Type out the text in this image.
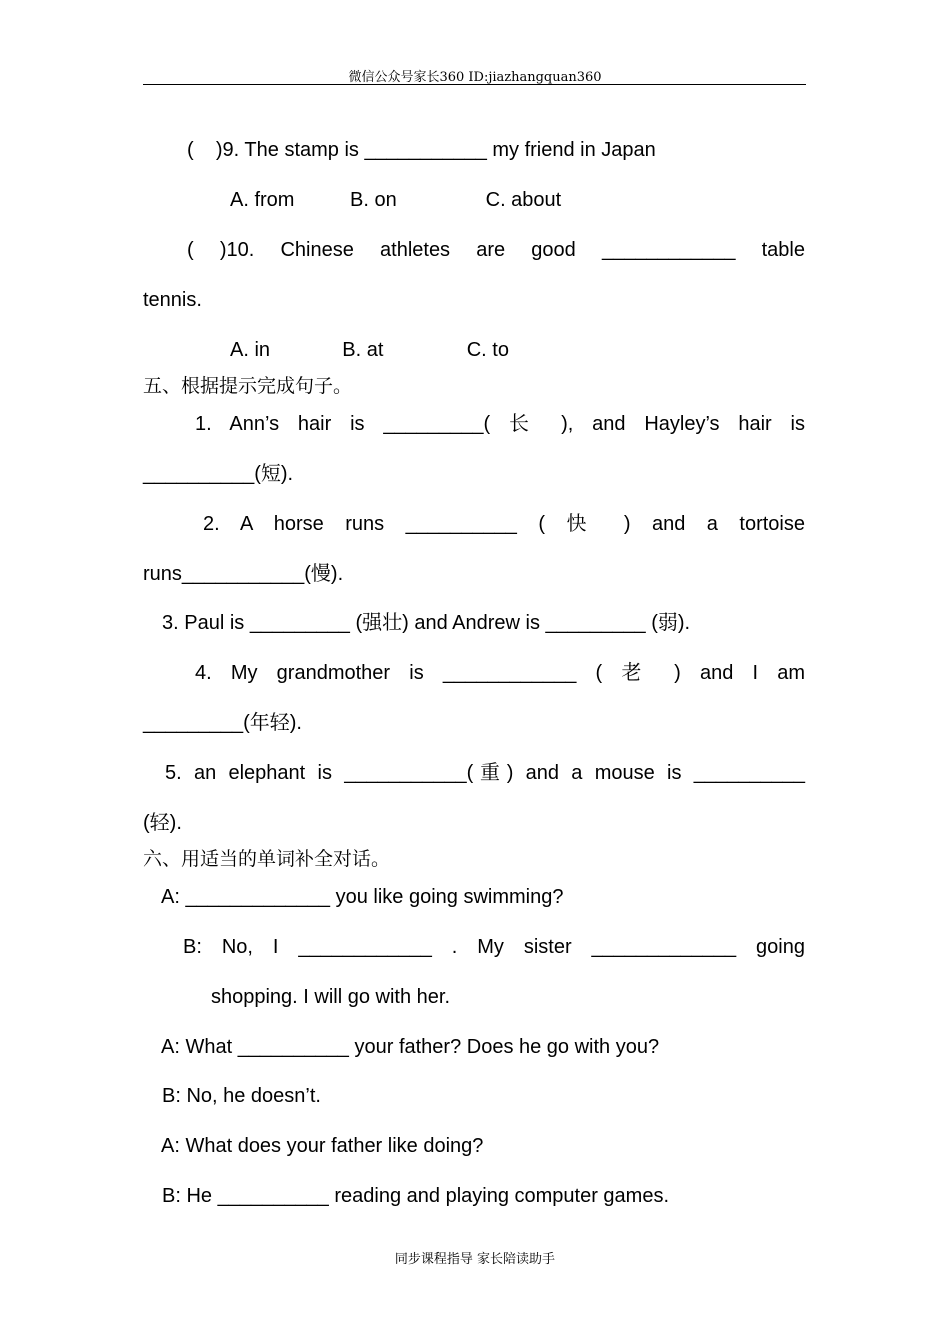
微信公众号家长360 ID:jiazhangquan360
(    )9. The stamp is ___________ my friend in Japan
A. from          B. on                C. about
( )10. Chinese athletes are good ____________ table
tennis.
A. in             B. at               C. to
五、根据提示完成句子。
1. Ann’s hair is _________( 长 ), and Hayley’s hair is
__________(短).
2. A horse runs __________ ( 快 ) and a tortoise
runs___________(慢).
3. Paul is _________ (强壮) and Andrew is _________ (弱).
4. My grandmother is ____________ ( 老 ) and I am
_________(年轻).
5. an elephant is ___________(重) and a mouse is __________
(轻).
六、用适当的单词补全对话。
A: _____________ you like going swimming?
B: No, I ____________ . My sister _____________ going
shopping. I will go with her.
A: What __________ your father? Does he go with you?
B: No, he doesn’t.
A: What does your father like doing?
B: He __________ reading and playing computer games.
同步课程指导 家长陪读助手
